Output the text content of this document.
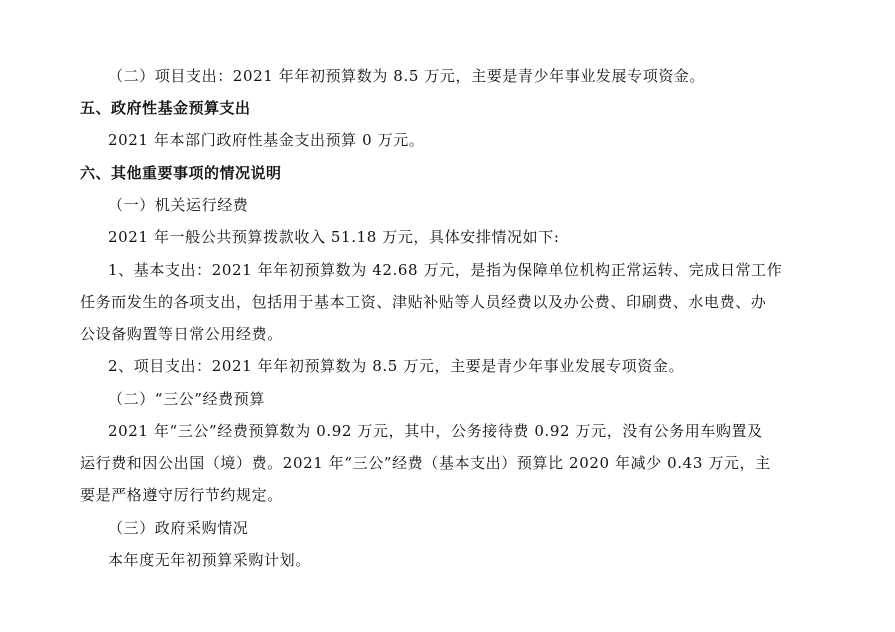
（二）项目支出：2021 年年初预算数为 8.5 万元，主要是青少年事业发展专项资金。
五、政府性基金预算支出
2021 年本部门政府性基金支出预算 0 万元。
六、其他重要事项的情况说明
（一）机关运行经费
2021 年一般公共预算拨款收入 51.18 万元，具体安排情况如下:
1、基本支出：2021 年年初预算数为 42.68 万元，是指为保障单位机构正常运转、完成日常工作
任务而发生的各项支出，包括用于基本工资、津贴补贴等人员经费以及办公费、印刷费、水电费、办
公设备购置等日常公用经费。
2、项目支出：2021 年年初预算数为 8.5 万元，主要是青少年事业发展专项资金。
（二）“三公”经费预算
2021 年“三公”经费预算数为 0.92 万元，其中，公务接待费 0.92 万元，没有公务用车购置及
运行费和因公出国（境）费。2021 年“三公”经费（基本支出）预算比 2020 年减少 0.43 万元，主
要是严格遵守厉行节约规定。
（三）政府采购情况
本年度无年初预算采购计划。
